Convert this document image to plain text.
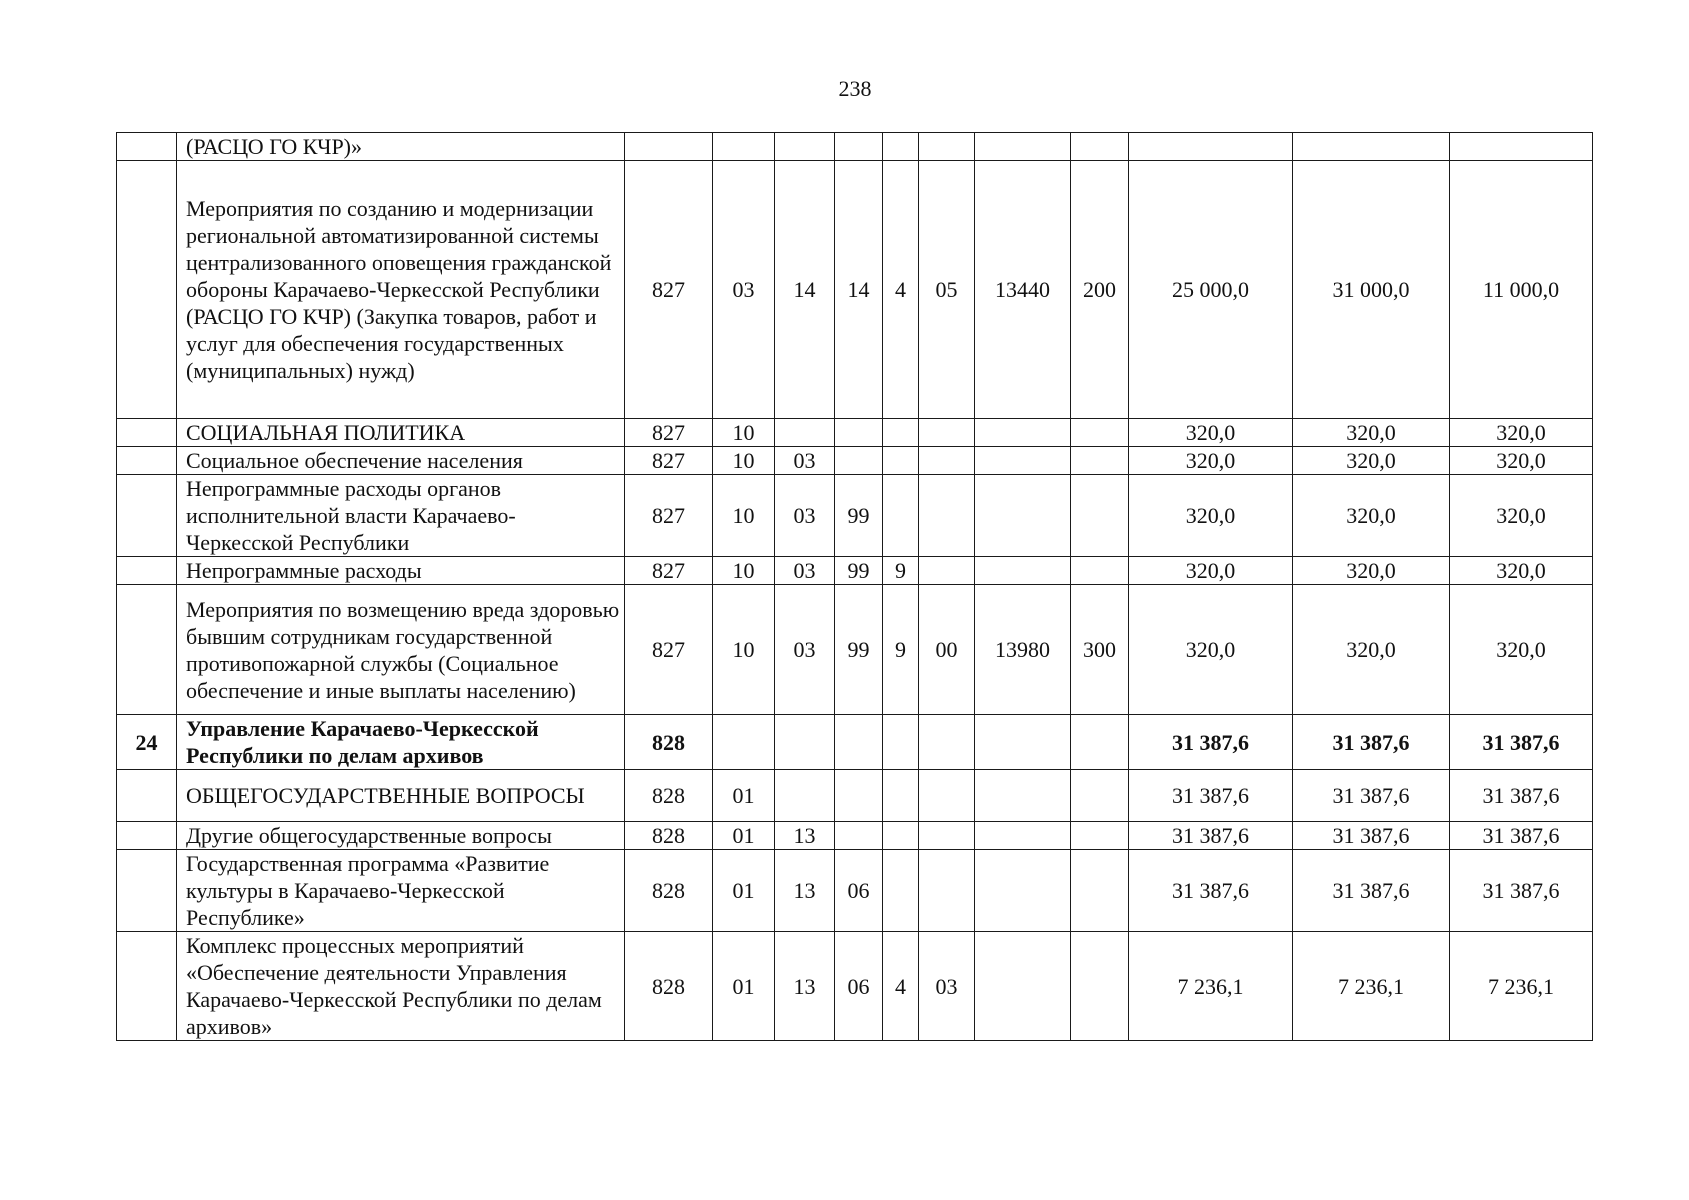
238
	(РАСЦО ГО КЧР)»											
	Мероприятия по созданию и модернизации региональной автоматизированной системы централизованного оповещения гражданской обороны Карачаево-Черкесской Республики (РАСЦО ГО КЧР) (Закупка товаров, работ и услуг для обеспечения государственных (муниципальных) нужд)	827	03	14	14	4	05	13440	200	25 000,0	31 000,0	11 000,0
	СОЦИАЛЬНАЯ ПОЛИТИКА	827	10							320,0	320,0	320,0
	Социальное обеспечение населения	827	10	03						320,0	320,0	320,0
	Непрограммные расходы органов исполнительной власти Карачаево-Черкесской Республики	827	10	03	99					320,0	320,0	320,0
	Непрограммные расходы	827	10	03	99	9				320,0	320,0	320,0
	Мероприятия по возмещению вреда здоровью бывшим сотрудникам государственной противопожарной службы (Социальное обеспечение и иные выплаты населению)	827	10	03	99	9	00	13980	300	320,0	320,0	320,0
24	Управление Карачаево-Черкесской Республики по делам архивов	828								31 387,6	31 387,6	31 387,6
	ОБЩЕГОСУДАРСТВЕННЫЕ ВОПРОСЫ	828	01							31 387,6	31 387,6	31 387,6
	Другие общегосударственные вопросы	828	01	13						31 387,6	31 387,6	31 387,6
	Государственная программа «Развитие культуры в Карачаево-Черкесской Республике»	828	01	13	06					31 387,6	31 387,6	31 387,6
	Комплекс процессных мероприятий «Обеспечение деятельности Управления Карачаево-Черкесской Республики по делам архивов»	828	01	13	06	4	03			7 236,1	7 236,1	7 236,1
